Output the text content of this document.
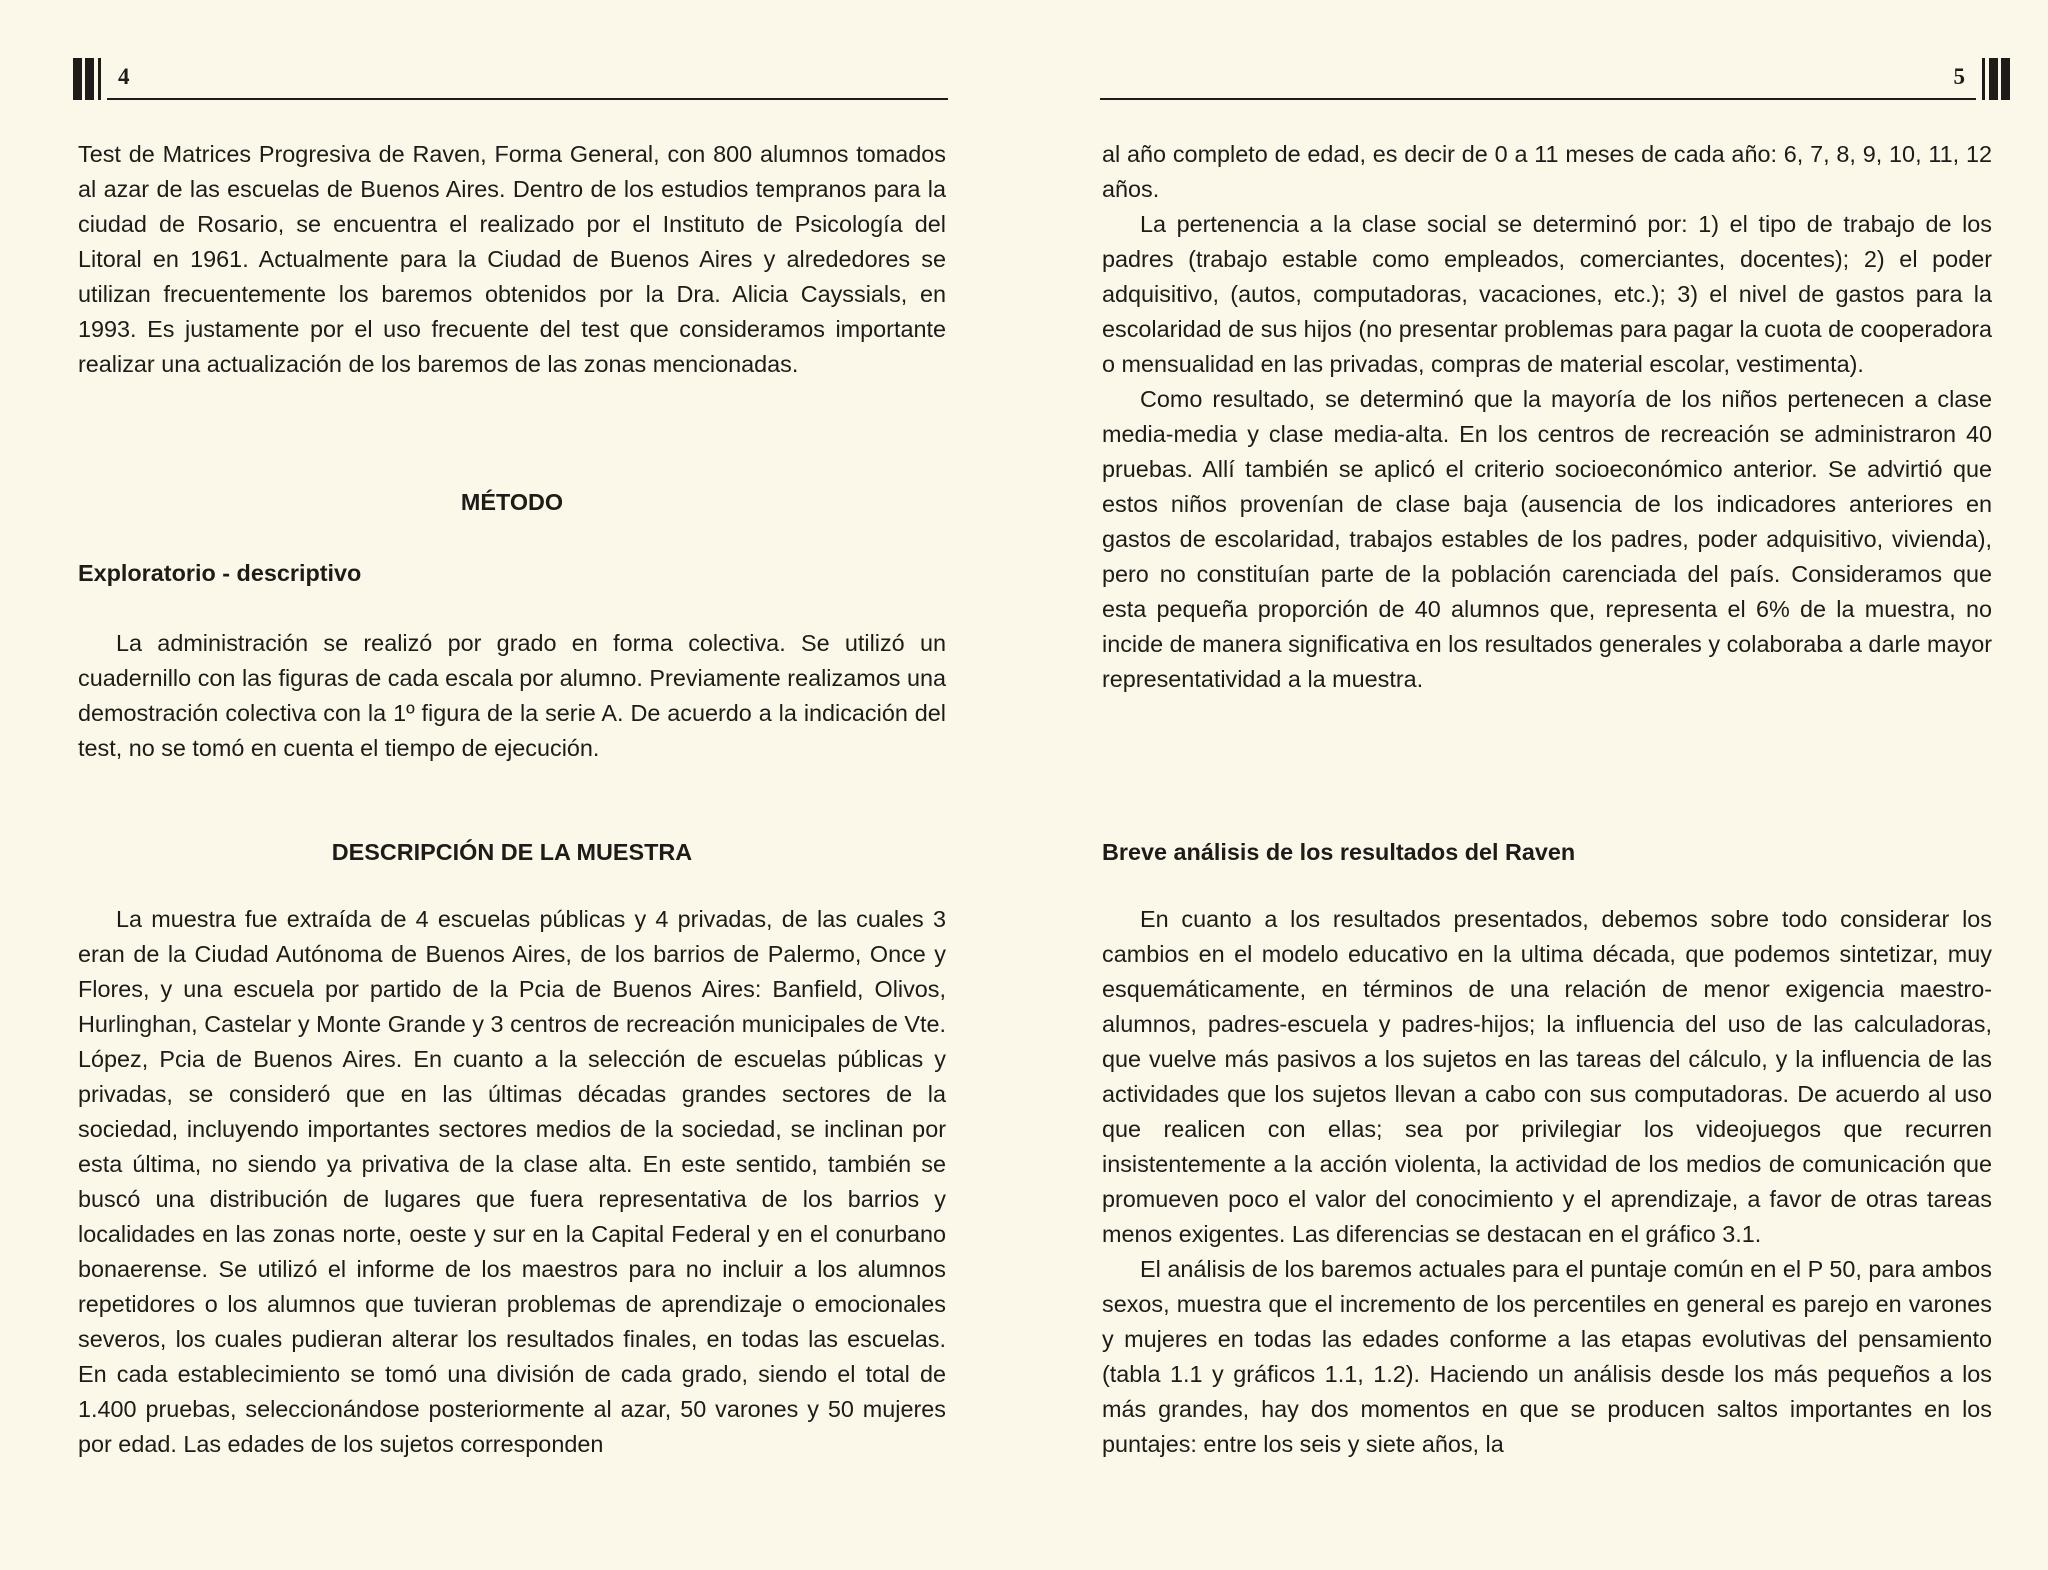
4

Test de Matrices Progresiva de Raven, Forma General, con 800 alumnos tomados al azar de las escuelas de Buenos Aires. Dentro de los estudios tempranos para la ciudad de Rosario, se encuentra el realizado por el Instituto de Psicología del Litoral en 1961. Actualmente para la Ciudad de Buenos Aires y alrededores se utilizan frecuentemente los baremos obtenidos por la Dra. Alicia Cayssials, en 1993. Es justamente por el uso frecuente del test que consideramos importante realizar una actualización de los baremos de las zonas mencionadas.

MÉTODO
Exploratorio - descriptivo

La administración se realizó por grado en forma colectiva. Se utilizó un cuadernillo con las figuras de cada escala por alumno. Previamente realizamos una demostración colectiva con la 1º figura de la serie A. De acuerdo a la indicación del test, no se tomó en cuenta el tiempo de ejecución.

DESCRIPCIÓN DE LA MUESTRA

La muestra fue extraída de 4 escuelas públicas y 4 privadas, de las cuales 3 eran de la Ciudad Autónoma de Buenos Aires, de los barrios de Palermo, Once y Flores, y una escuela por partido de la Pcia de Buenos Aires: Banfield, Olivos, Hurlinghan, Castelar y Monte Grande y 3 centros de recreación municipales de Vte. López, Pcia de Buenos Aires. En cuanto a la selección de escuelas públicas y privadas, se consideró que en las últimas décadas grandes sectores de la sociedad, incluyendo importantes sectores medios de la sociedad, se inclinan por esta última, no siendo ya privativa de la clase alta. En este sentido, también se buscó una distribución de lugares que fuera representativa de los barrios y localidades en las zonas norte, oeste y sur en la Capital Federal y en el conurbano bonaerense. Se utilizó el informe de los maestros para no incluir a los alumnos repetidores o los alumnos que tuvieran problemas de aprendizaje o emocionales severos, los cuales pudieran alterar los resultados finales, en todas las escuelas. En cada establecimiento se tomó una división de cada grado, siendo el total de 1.400 pruebas, seleccionándose posteriormente al azar, 50 varones y 50 mujeres por edad. Las edades de los sujetos corresponden

5

al año completo de edad, es decir de 0 a 11 meses de cada año: 6, 7, 8, 9, 10, 11, 12 años.

La pertenencia a la clase social se determinó por: 1) el tipo de trabajo de los padres (trabajo estable como empleados, comerciantes, docentes); 2) el poder adquisitivo, (autos, computadoras, vacaciones, etc.); 3) el nivel de gastos para la escolaridad de sus hijos (no presentar problemas para pagar la cuota de cooperadora o mensualidad en las privadas, compras de material escolar, vestimenta).

Como resultado, se determinó que la mayoría de los niños pertenecen a clase media-media y clase media-alta. En los centros de recreación se administraron 40 pruebas. Allí también se aplicó el criterio socioeconómico anterior. Se advirtió que estos niños provenían de clase baja (ausencia de los indicadores anteriores en gastos de escolaridad, trabajos estables de los padres, poder adquisitivo, vivienda), pero no constituían parte de la población carenciada del país. Consideramos que esta pequeña proporción de 40 alumnos que, representa el 6% de la muestra, no incide de manera significativa en los resultados generales y colaboraba a darle mayor representatividad a la muestra.

Breve análisis de los resultados del Raven

En cuanto a los resultados presentados, debemos sobre todo considerar los cambios en el modelo educativo en la ultima década, que podemos sintetizar, muy esquemáticamente, en términos de una relación de menor exigencia maestro-alumnos, padres-escuela y padres-hijos; la influencia del uso de las calculadoras, que vuelve más pasivos a los sujetos en las tareas del cálculo, y la influencia de las actividades que los sujetos llevan a cabo con sus computadoras. De acuerdo al uso que realicen con ellas; sea por privilegiar los videojuegos que recurren insistentemente a la acción violenta, la actividad de los medios de comunicación que promueven poco el valor del conocimiento y el aprendizaje, a favor de otras tareas menos exigentes. Las diferencias se destacan en el gráfico 3.1.

El análisis de los baremos actuales para el puntaje común en el P 50, para ambos sexos, muestra que el incremento de los percentiles en general es parejo en varones y mujeres en todas las edades conforme a las etapas evolutivas del pensamiento (tabla 1.1 y gráficos 1.1, 1.2). Haciendo un análisis desde los más pequeños a los más grandes, hay dos momentos en que se producen saltos importantes en los puntajes: entre los seis y siete años, la
